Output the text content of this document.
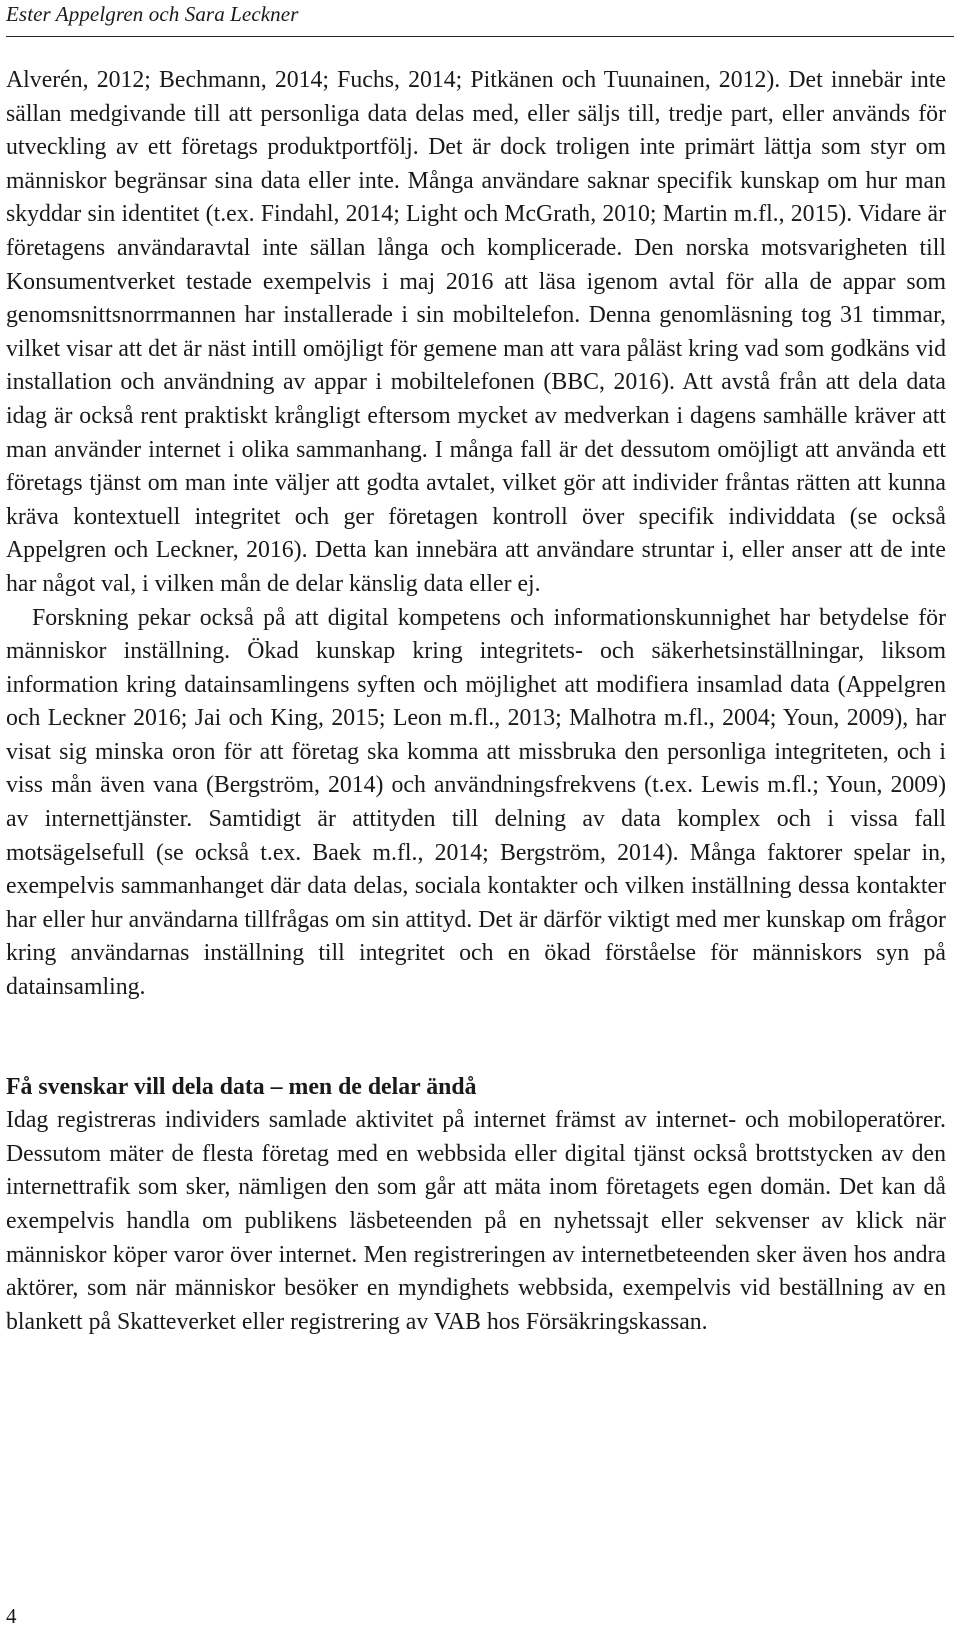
Ester Appelgren och Sara Leckner

Alverén, 2012; Bechmann, 2014; Fuchs, 2014; Pitkänen och Tuunainen, 2012). Det innebär inte sällan medgivande till att personliga data delas med, eller säljs till, tredje part, eller används för utveckling av ett företags produktportfölj. Det är dock troligen inte primärt lättja som styr om människor begränsar sina data eller inte. Många användare saknar specifik kunskap om hur man skyddar sin identitet (t.ex. Findahl, 2014; Light och McGrath, 2010; Martin m.fl., 2015). Vidare är företagens användaravtal inte sällan långa och komplicerade. Den norska motsvarigheten till Konsumentverket testade exempelvis i maj 2016 att läsa igenom avtal för alla de appar som genomsnittsnorrmannen har installerade i sin mobiltelefon. Denna genomläsning tog 31 timmar, vilket visar att det är näst intill omöjligt för gemene man att vara påläst kring vad som godkäns vid installation och användning av appar i mobiltelefonen (BBC, 2016). Att avstå från att dela data idag är också rent praktiskt krångligt eftersom mycket av medverkan i dagens samhälle kräver att man använder internet i olika sammanhang. I många fall är det dessutom omöjligt att använda ett företags tjänst om man inte väljer att godta avtalet, vilket gör att individer fråntas rätten att kunna kräva kontextuell integritet och ger företagen kontroll över specifik individdata (se också Appelgren och Leckner, 2016). Detta kan innebära att användare struntar i, eller anser att de inte har något val, i vilken mån de delar känslig data eller ej.

Forskning pekar också på att digital kompetens och informationskunnighet har betydelse för människor inställning. Ökad kunskap kring integritets- och säkerhetsinställningar, liksom information kring datainsamlingens syften och möjlighet att modifiera insamlad data (Appelgren och Leckner 2016; Jai och King, 2015; Leon m.fl., 2013; Malhotra m.fl., 2004; Youn, 2009), har visat sig minska oron för att företag ska komma att missbruka den personliga integriteten, och i viss mån även vana (Bergström, 2014) och användningsfrekvens (t.ex. Lewis m.fl.; Youn, 2009) av internettjänster. Samtidigt är attityden till delning av data komplex och i vissa fall motsägelsefull (se också t.ex. Baek m.fl., 2014; Bergström, 2014). Många faktorer spelar in, exempelvis sammanhanget där data delas, sociala kontakter och vilken inställning dessa kontakter har eller hur användarna tillfrågas om sin attityd. Det är därför viktigt med mer kunskap om frågor kring användarnas inställning till integritet och en ökad förståelse för människors syn på datainsamling.

Få svenskar vill dela data – men de delar ändå

Idag registreras individers samlade aktivitet på internet främst av internet- och mobiloperatörer. Dessutom mäter de flesta företag med en webbsida eller digital tjänst också brottstycken av den internettrafik som sker, nämligen den som går att mäta inom företagets egen domän. Det kan då exempelvis handla om publikens läsbeteenden på en nyhetssajt eller sekvenser av klick när människor köper varor över internet. Men registreringen av internetbeteenden sker även hos andra aktörer, som när människor besöker en myndighets webbsida, exempelvis vid beställning av en blankett på Skatteverket eller registrering av VAB hos Försäkringskassan.

4
